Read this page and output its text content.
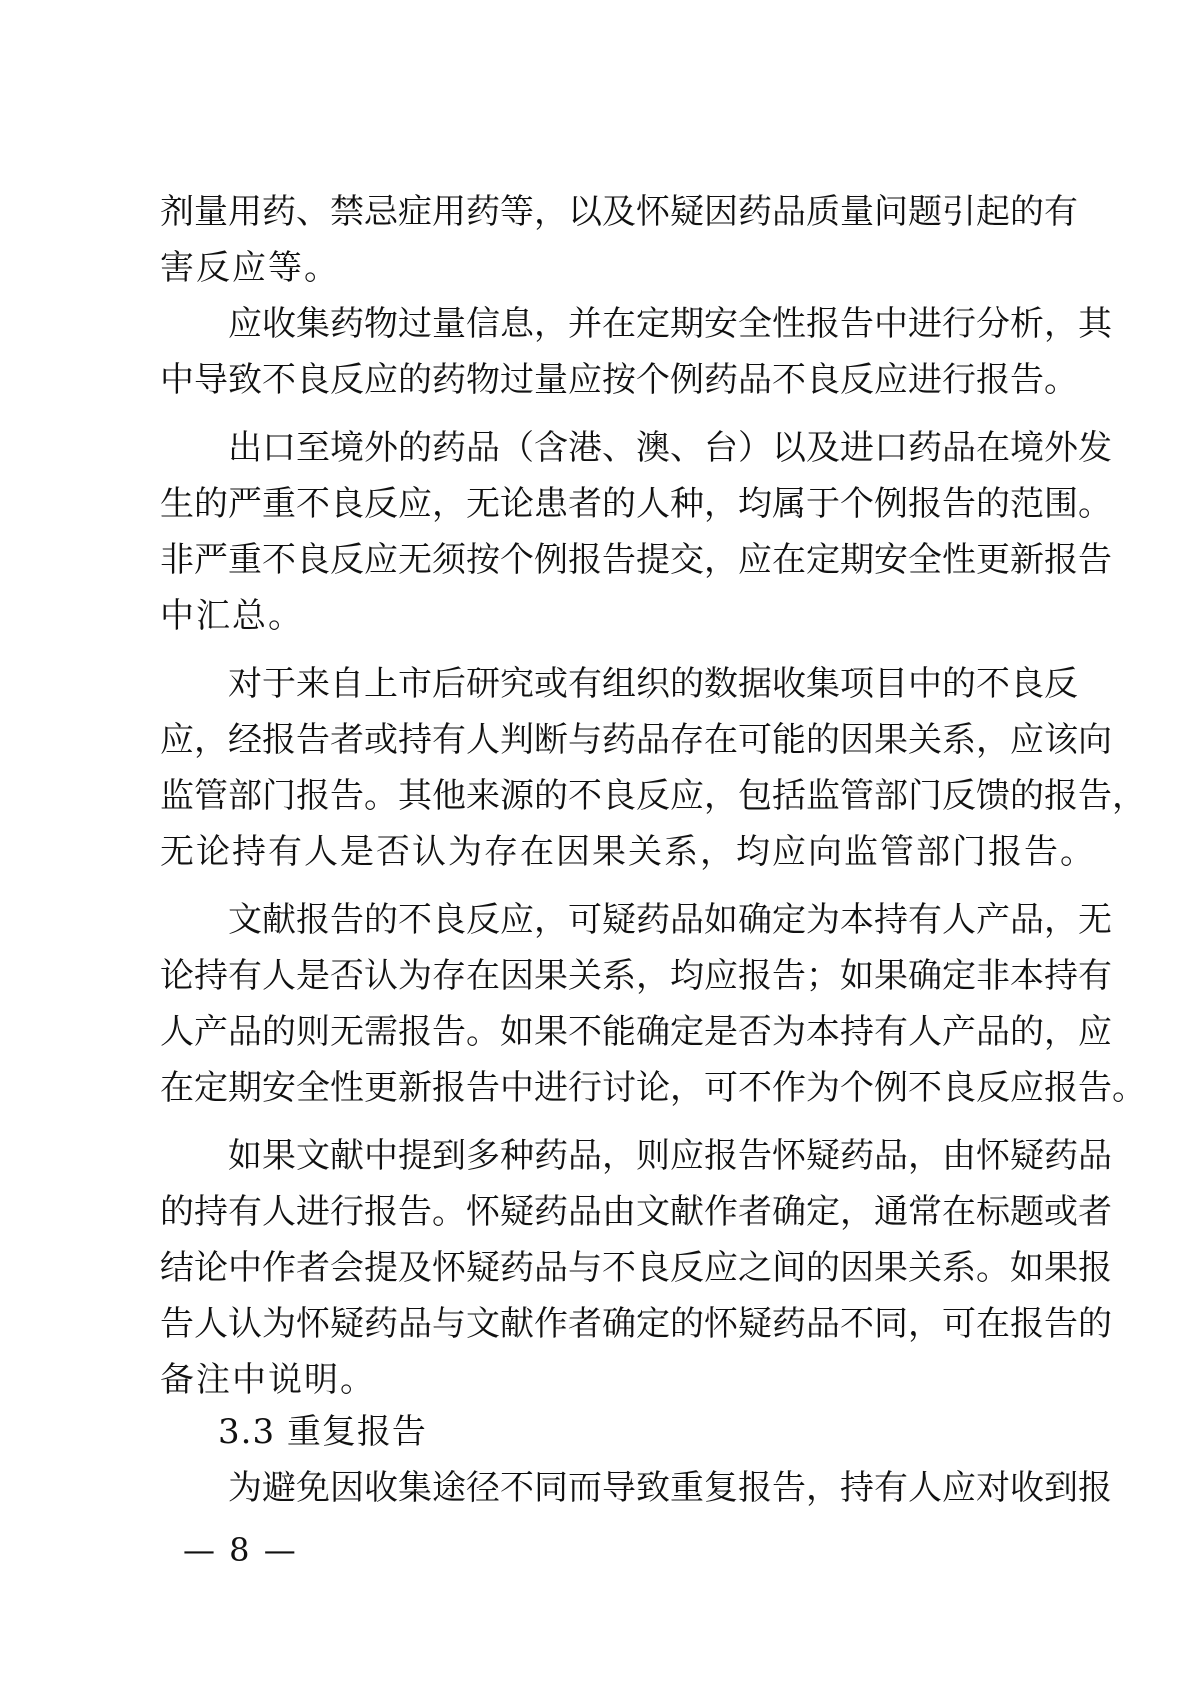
剂量用药、禁忌症用药等，以及怀疑因药品质量问题引起的有
害反应等。
应收集药物过量信息，并在定期安全性报告中进行分析，其
中导致不良反应的药物过量应按个例药品不良反应进行报告。
出口至境外的药品（含港、澳、台）以及进口药品在境外发
生的严重不良反应，无论患者的人种，均属于个例报告的范围。
非严重不良反应无须按个例报告提交，应在定期安全性更新报告
中汇总。
对于来自上市后研究或有组织的数据收集项目中的不良反
应，经报告者或持有人判断与药品存在可能的因果关系，应该向
监管部门报告。其他来源的不良反应，包括监管部门反馈的报告，
无论持有人是否认为存在因果关系，均应向监管部门报告。
文献报告的不良反应，可疑药品如确定为本持有人产品，无
论持有人是否认为存在因果关系，均应报告；如果确定非本持有
人产品的则无需报告。如果不能确定是否为本持有人产品的，应
在定期安全性更新报告中进行讨论，可不作为个例不良反应报告。
如果文献中提到多种药品，则应报告怀疑药品，由怀疑药品
的持有人进行报告。怀疑药品由文献作者确定，通常在标题或者
结论中作者会提及怀疑药品与不良反应之间的因果关系。如果报
告人认为怀疑药品与文献作者确定的怀疑药品不同，可在报告的
备注中说明。
3.3 重复报告
为避免因收集途径不同而导致重复报告，持有人应对收到报
— 8 —
